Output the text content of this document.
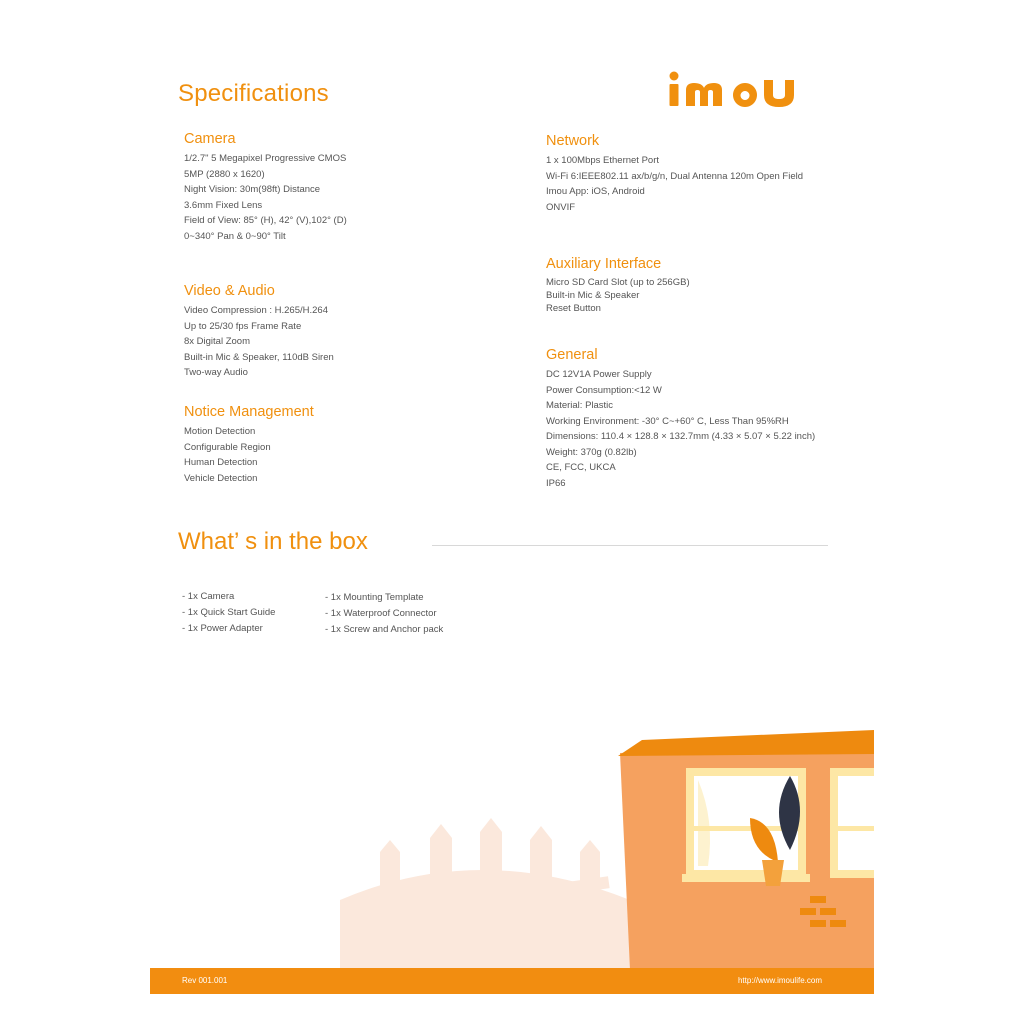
Specifications
Camera
1/2.7" 5 Megapixel Progressive CMOS
5MP (2880 x 1620)
Night Vision: 30m(98ft) Distance
3.6mm Fixed Lens
Field of View: 85° (H), 42° (V),102° (D)
0~340° Pan & 0~90° Tilt
Video & Audio
Video Compression : H.265/H.264
Up to 25/30 fps Frame Rate
8x Digital Zoom
Built-in Mic & Speaker, 110dB Siren
Two-way Audio
Notice Management
Motion Detection
Configurable Region
Human Detection
Vehicle Detection
Network
1 x 100Mbps Ethernet Port
Wi-Fi 6:IEEE802.11 ax/b/g/n, Dual Antenna 120m Open Field
Imou App: iOS, Android
ONVIF
Auxiliary Interface
Micro SD Card Slot (up to 256GB)
Built-in Mic & Speaker
Reset Button
General
DC 12V1A Power Supply
Power Consumption:<12 W
Material: Plastic
Working Environment: -30° C~+60° C, Less Than 95%RH
Dimensions: 110.4 × 128.8 × 132.7mm (4.33 × 5.07 × 5.22 inch)
Weight: 370g (0.82lb)
CE, FCC, UKCA
IP66
What’ s in the box
- 1x Camera
- 1x Quick Start Guide
- 1x Power Adapter
- 1x Mounting Template
- 1x Waterproof Connector
- 1x Screw and Anchor pack
Rev 001.001	http://www.imoulife.com
